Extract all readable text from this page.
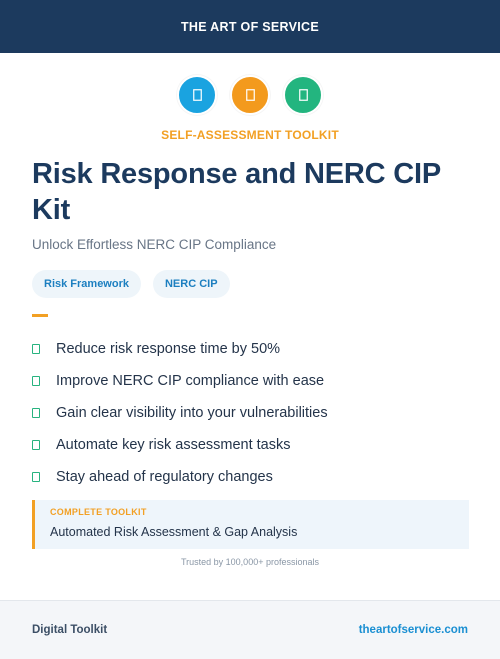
THE ART OF SERVICE
SELF-ASSESSMENT TOOLKIT
Risk Response and NERC CIP Kit
Unlock Effortless NERC CIP Compliance
Risk Framework	NERC CIP
Reduce risk response time by 50%
Improve NERC CIP compliance with ease
Gain clear visibility into your vulnerabilities
Automate key risk assessment tasks
Stay ahead of regulatory changes
COMPLETE TOOLKIT
Automated Risk Assessment & Gap Analysis
Trusted by 100,000+ professionals
Digital Toolkit	theartofservice.com
